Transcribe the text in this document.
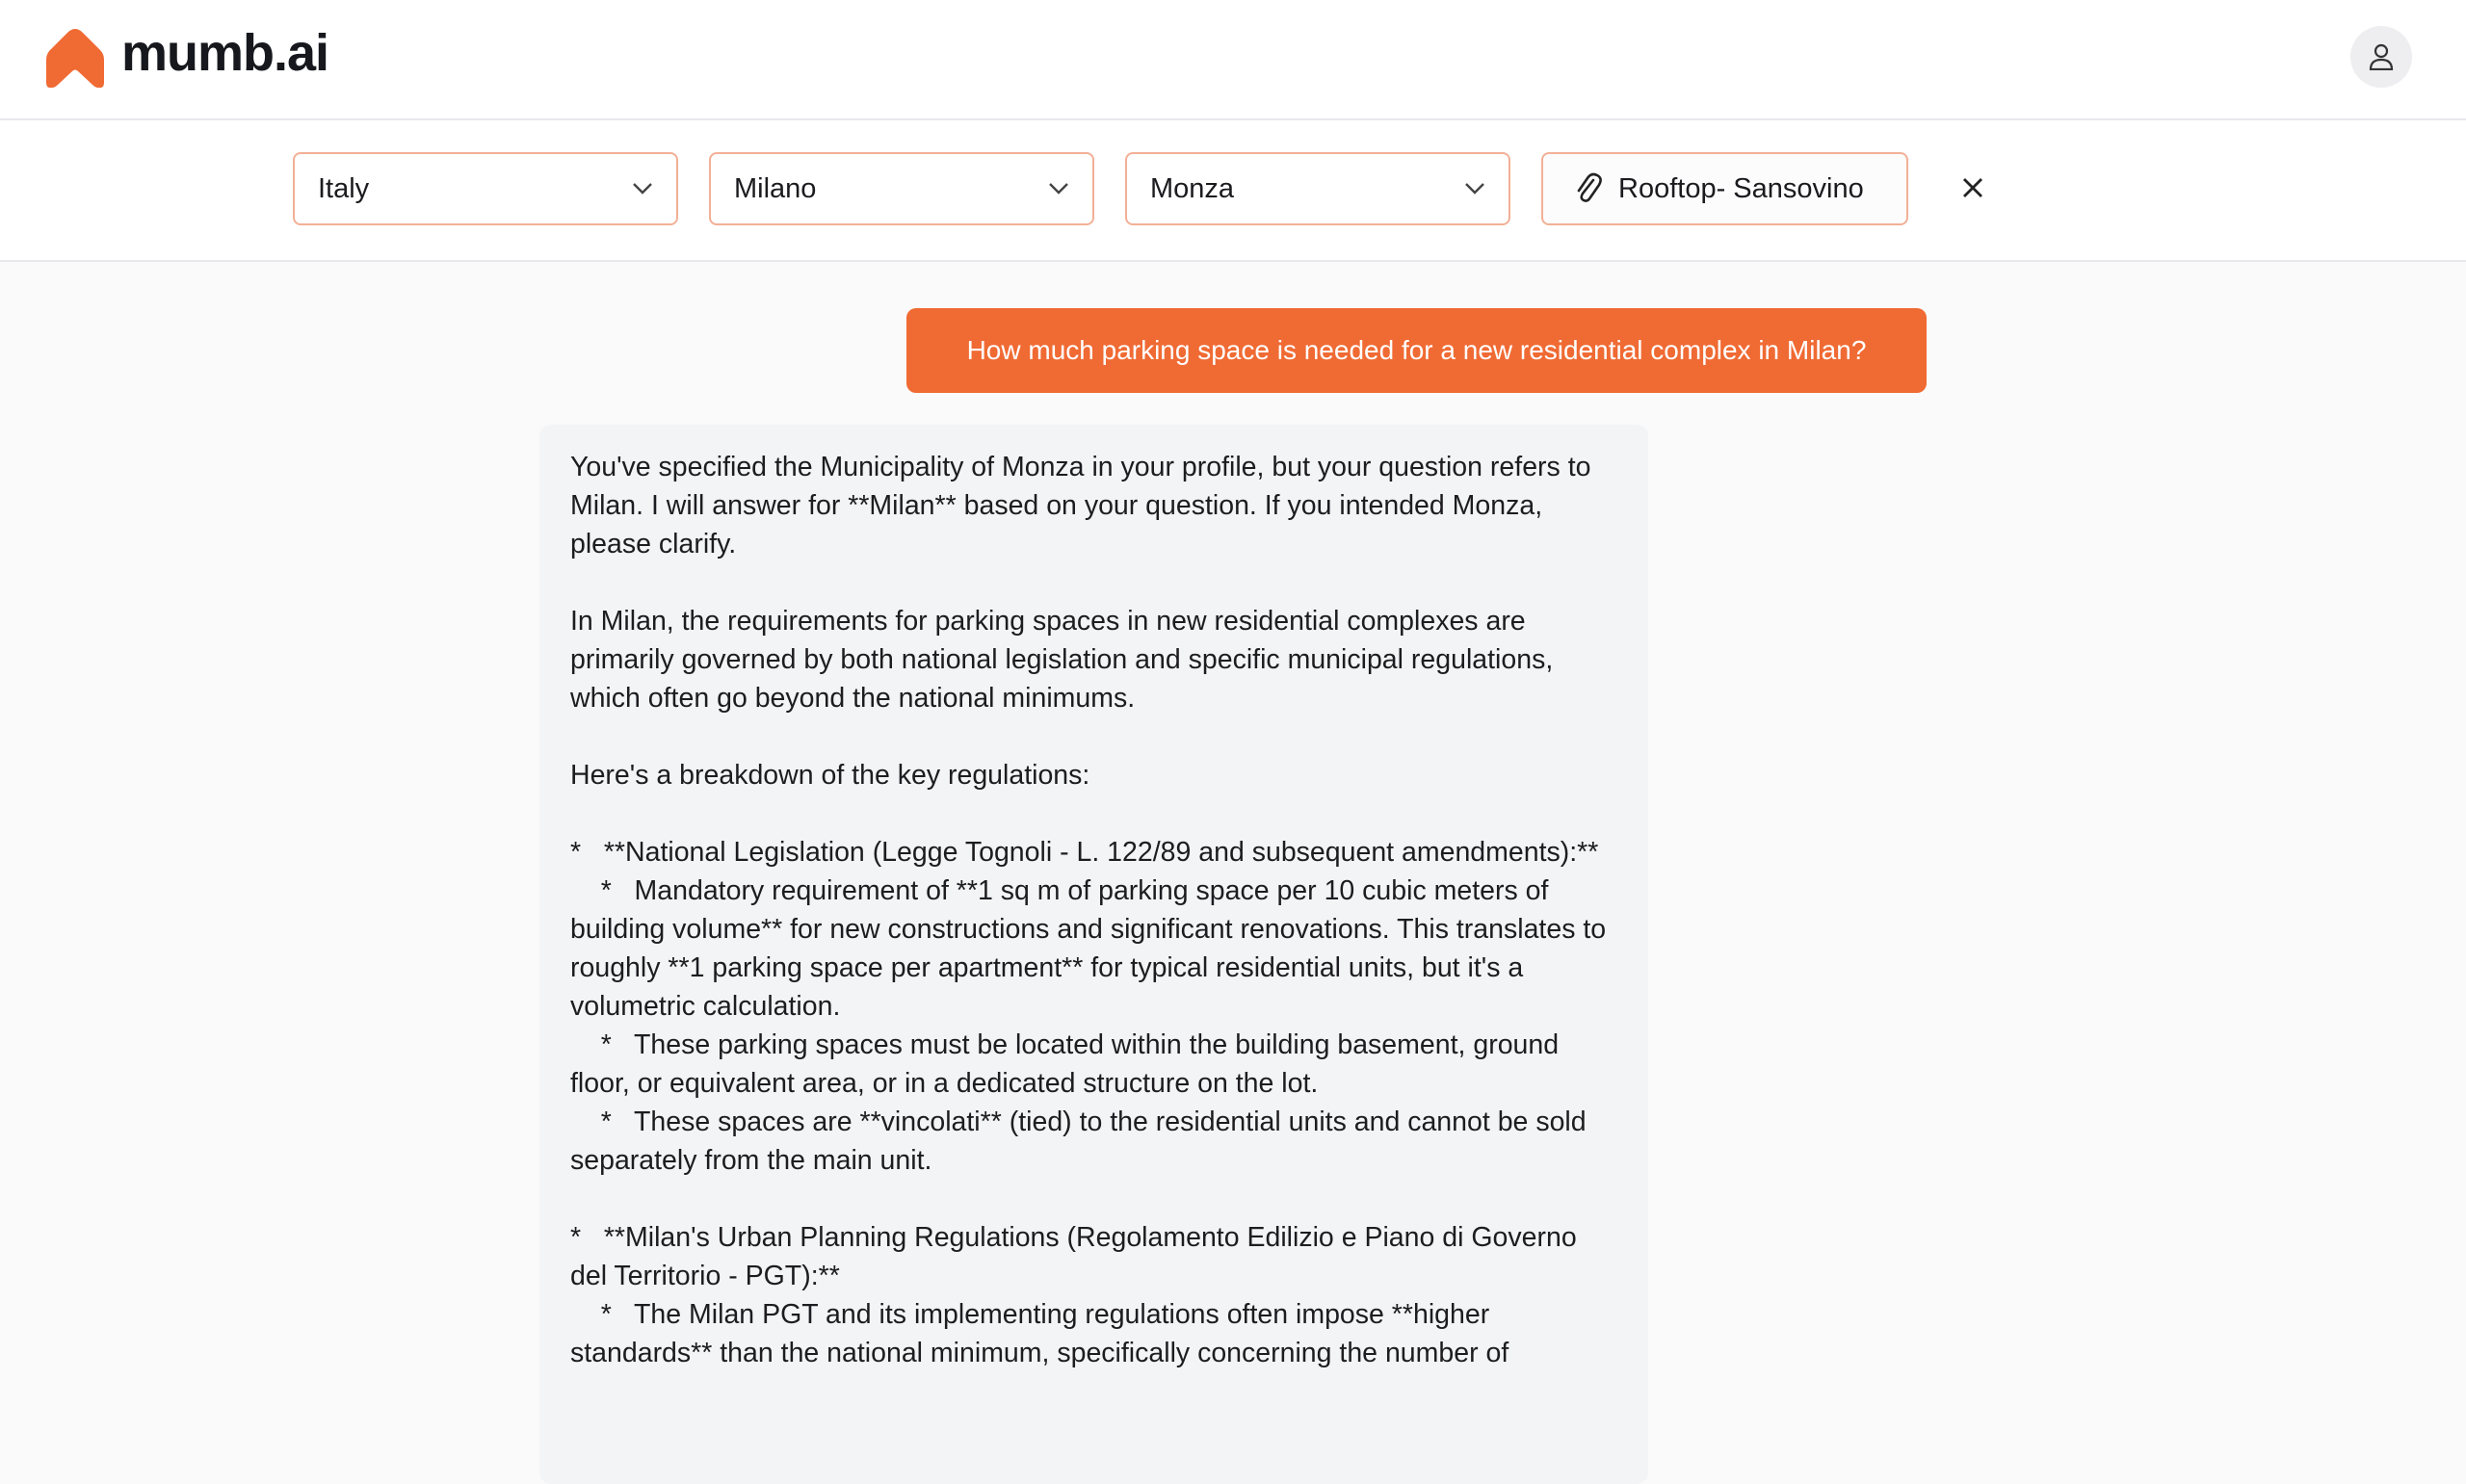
mumb.ai
Italy	Milano	Monza	Rooftop- Sansovino
How much parking space is needed for a new residential complex in Milan?
You've specified the Municipality of Monza in your profile, but your question refers to Milan. I will answer for **Milan** based on your question. If you intended Monza, please clarify.

In Milan, the requirements for parking spaces in new residential complexes are primarily governed by both national legislation and specific municipal regulations, which often go beyond the national minimums.

Here's a breakdown of the key regulations:

*   **National Legislation (Legge Tognoli - L. 122/89 and subsequent amendments):**
*   Mandatory requirement of **1 sq m of parking space per 10 cubic meters of building volume** for new constructions and significant renovations. This translates to roughly **1 parking space per apartment** for typical residential units, but it's a volumetric calculation.
*   These parking spaces must be located within the building basement, ground floor, or equivalent area, or in a dedicated structure on the lot.
*   These spaces are **vincolati** (tied) to the residential units and cannot be sold separately from the main unit.

*   **Milan's Urban Planning Regulations (Regolamento Edilizio e Piano di Governo del Territorio - PGT):**
*   The Milan PGT and its implementing regulations often impose **higher standards** than the national minimum, specifically concerning the number of
